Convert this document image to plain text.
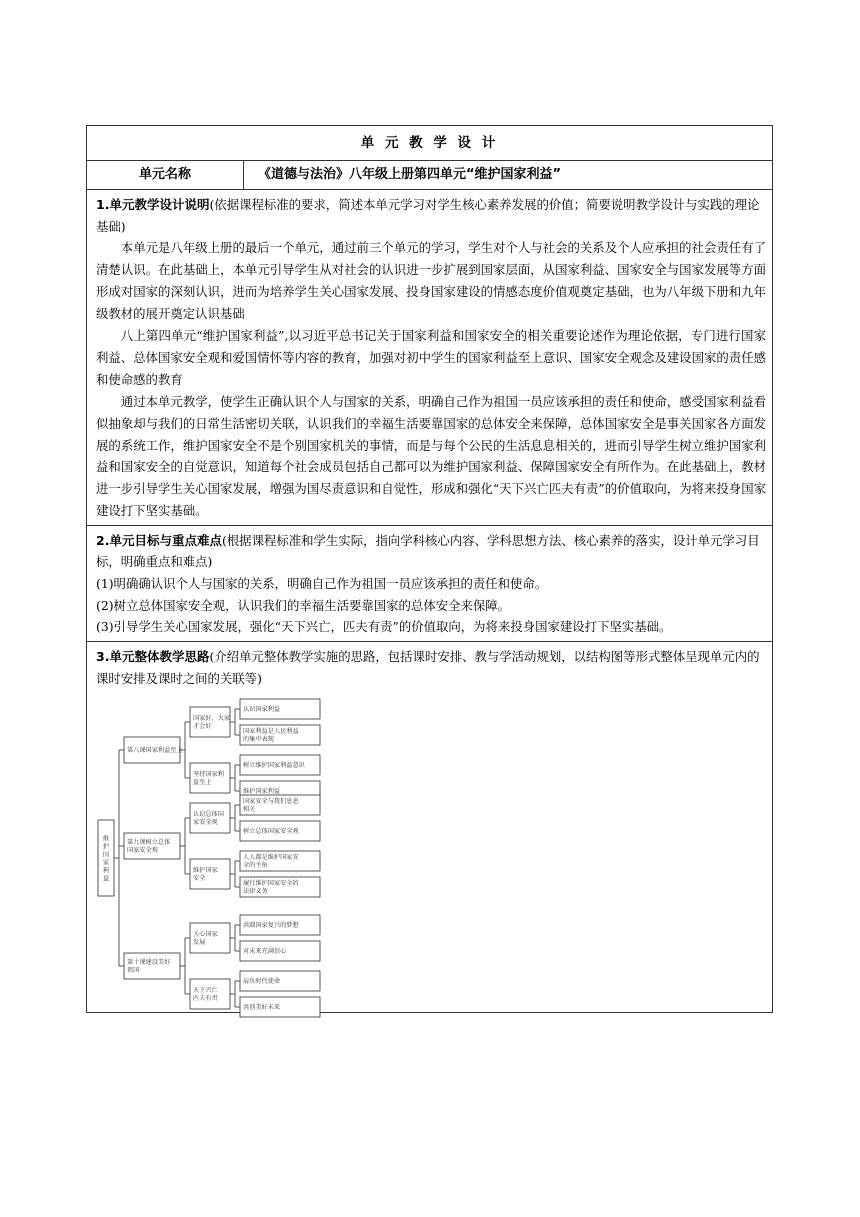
单 元 教 学 设 计
单元名称	《道德与法治》八年级上册第四单元“维护国家利益”

1.单元教学设计说明(依据课程标准的要求，简述本单元学习对学生核心素养发展的价值；简要说明教学设计与实践的理论基础)

本单元是八年级上册的最后一个单元，通过前三个单元的学习，学生对个人与社会的关系及个人应承担的社会责任有了清楚认识。在此基础上，本单元引导学生从对社会的认识进一步扩展到国家层面，从国家利益、国家安全与国家发展等方面形成对国家的深刻认识，进而为培养学生关心国家发展、投身国家建设的情感态度价值观奠定基础，也为八年级下册和九年级教材的展开奠定认识基础

八上第四单元“维护国家利益”,以习近平总书记关于国家利益和国家安全的相关重要论述作为理论依据，专门进行国家利益、总体国家安全观和爱国情怀等内容的教育，加强对初中学生的国家利益至上意识、国家安全观念及建设国家的责任感和使命感的教育

通过本单元教学，使学生正确认识个人与国家的关系，明确自己作为祖国一员应该承担的责任和使命，感受国家利益看似抽象却与我们的日常生活密切关联，认识我们的幸福生活要靠国家的总体安全来保障，总体国家安全是事关国家各方面发展的系统工作，维护国家安全不是个别国家机关的事情，而是与每个公民的生活息息相关的，进而引导学生树立维护国家利益和国家安全的自觉意识，知道每个社会成员包括自己都可以为维护国家利益、保障国家安全有所作为。在此基础上，教材进一步引导学生关心国家发展，增强为国尽责意识和自觉性，形成和强化“天下兴亡匹夫有责”的价值取向，为将来投身国家建设打下坚实基础。

2.单元目标与重点难点(根据课程标准和学生实际，指向学科核心内容、学科思想方法、核心素养的落实，设计单元学习目标，明确重点和难点)

(1)明确确认识个人与国家的关系，明确自己作为祖国一员应该承担的责任和使命。

(2)树立总体国家安全观，认识我们的幸福生活要靠国家的总体安全来保障。

(3)引导学生关心国家发展，强化“天下兴亡，匹夫有责”的价值取向，为将来投身国家建设打下坚实基础。

3.单元整体教学思路(介绍单元整体教学实施的思路，包括课时安排、教与学活动规划，以结构图等形式整体呈现单元内的课时安排及课时之间的关联等)
认识国家利益
国家利益是人民利益
的集中表现
国家好，大家
才会好
树立维护国家利益意识
维护国家利益
坚持国家利
益至上
第八课国家利益至上
国家安全与我们息息
相关
树立总体国家安全观
认识总体国
家安全观
人人都是维护国家安
全的主角
履行维护国家安全的
法律义务
维护国家
安全
第九课树立总体
国家安全观
共圆国家复兴的梦想
对未来充满信心
关心国家
发展
肩负时代使命
共创美好未来
天下兴亡
匹夫有责
第十课建设美好
祖国
维
护
国
家
利
益
